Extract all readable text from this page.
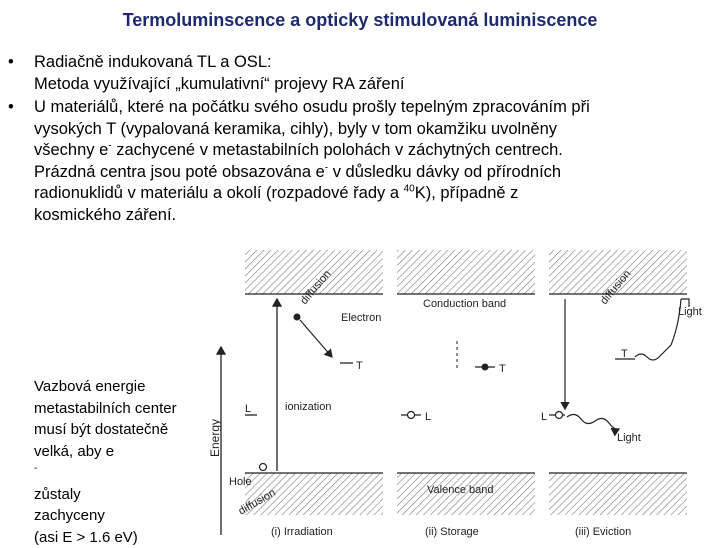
Termoluminscence a opticky stimulovaná luminiscence
• Radiačně indukovaná TL a OSL:
Metoda využívající „kumulativní“ projevy RA záření
• U materiálů, které na počátku svého osudu prošly tepelným zpracováním při
vysokých T (vypalovaná keramika, cihly), byly v tom okamžiku uvolněny
všechny e- zachycené v metastabilních polohách v záchytných centrech.
Prázdná centra jsou poté obsazována e- v důsledku dávky od přírodních
radionuklidů v materiálu a okolí (rozpadové řady a $^{40}$K), případně z
kosmického záření.
Vazbová energie
metastabilních center
musí být dostatečně
velká, aby e
-
zůstaly
zachyceny
(asi E > 1.6 eV)
Energy
T
L	ionization
Electron
diffusion
Hole
diffusion
(i) Irradiation
Conduction band
Valence band
T
L
(ii) Storage
diffusion
T
Light
L
Light
(iii) Eviction
